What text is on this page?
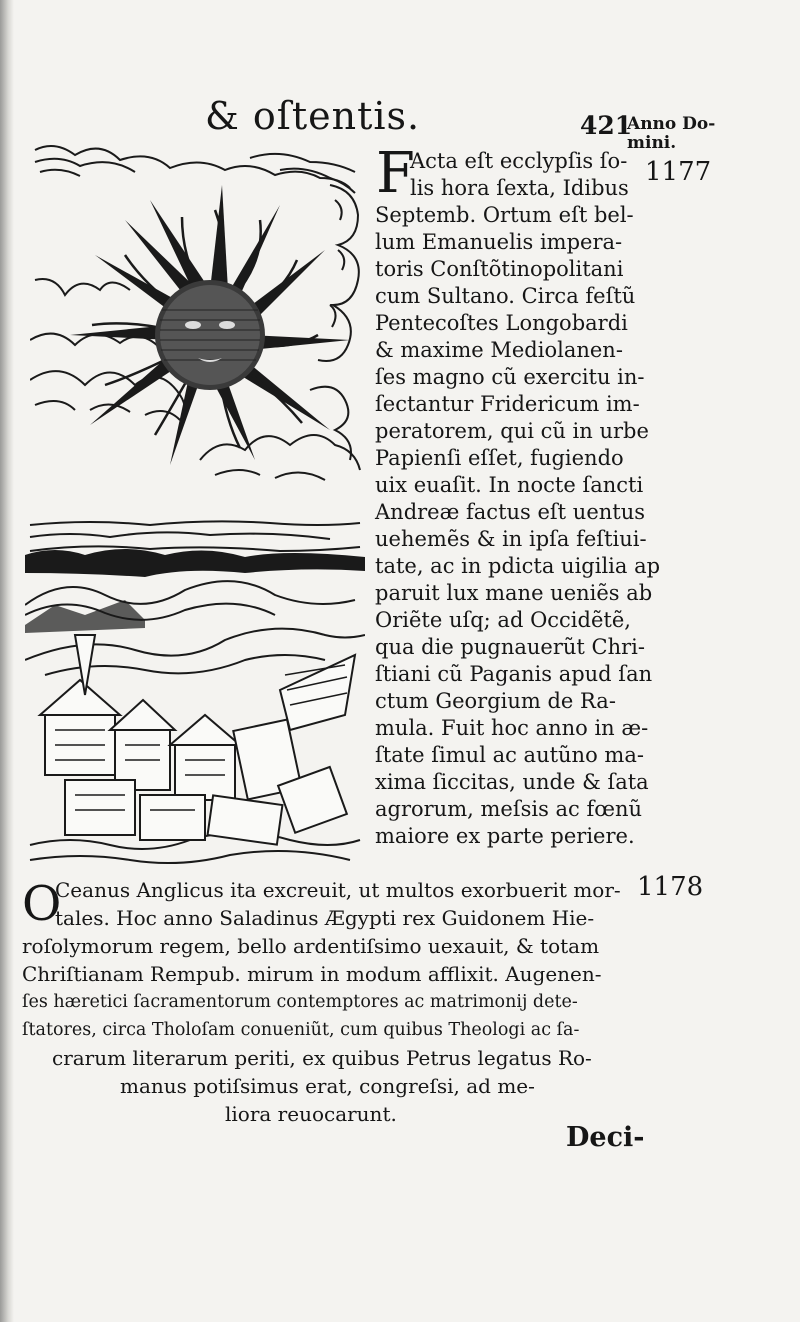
& oſtentis.	421
Anno Do-
mini.
1177
1178
F
O
Acta eſt ecclypſis ſo-
lis hora ſexta, Idibus
Septemb. Ortum eſt bel-
lum Emanuelis impera-
toris Conſtõtinopolitani
cum Sultano. Circa feſtũ
Pentecoſtes Longobardi
& maxime Mediolanen-
ſes magno cũ exercitu in-
ſectantur Fridericum im-
peratorem, qui cũ in urbe
Papienſi eſſet, fugiendo
uix euaſit. In nocte ſancti
Andreæ factus eſt uentus
uehemẽs & in ipſa feſtiui-
tate, ac in pdicta uigilia ap
paruit lux mane ueniẽs ab
Oriẽte uſq; ad Occidẽtẽ,
qua die pugnauerũt Chri-
ſtiani cũ Paganis apud ſan
ctum Georgium de Ra-
mula. Fuit hoc anno in æ-
ſtate ſimul ac autũno ma-
xima ſiccitas, unde & ſata
agrorum, meſsis ac fœnũ
maiore ex parte periere.
Ceanus Anglicus ita excreuit, ut multos exorbuerit mor-
tales. Hoc anno Saladinus Ægypti rex Guidonem Hie-
roſolymorum regem, bello ardentiſsimo uexauit, & totam
Chriſtianam Rempub. mirum in modum afflixit. Augenen-
ſes hæretici ſacramentorum contemptores ac matrimonij dete-
ſtatores, circa Tholoſam conueniũt, cum quibus Theologi ac ſa-
crarum literarum periti, ex quibus Petrus legatus Ro-
manus potiſsimus erat, congreſsi, ad me-
liora reuocarunt.
Deci-
